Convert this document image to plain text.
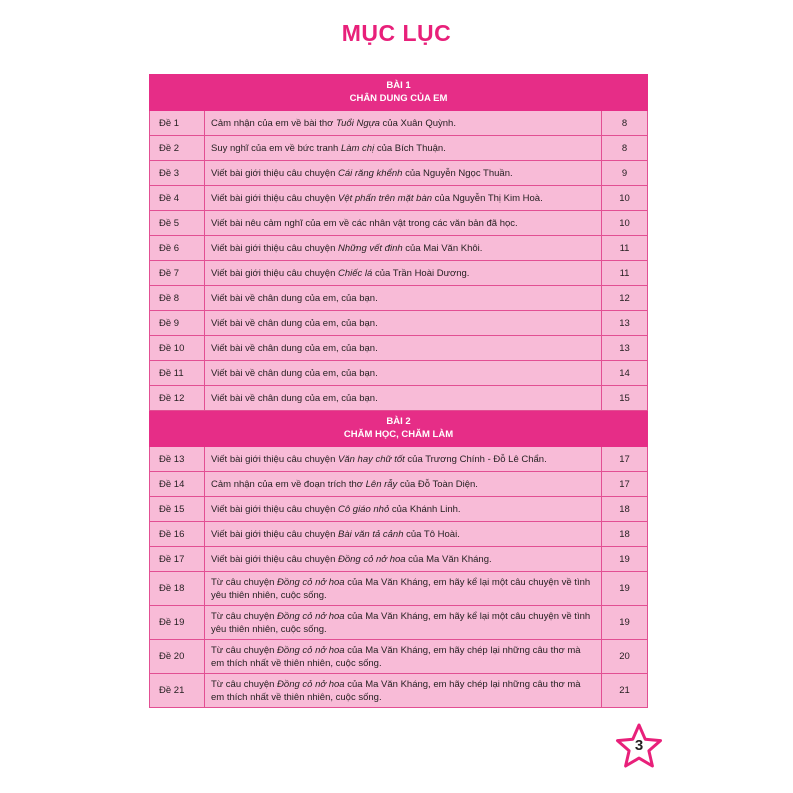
MỤC LỤC
BÀI 1
CHÂN DUNG CỦA EM		
Đề 1	Cảm nhận của em về bài thơ Tuổi Ngựa của Xuân Quỳnh.	8
Đề 2	Suy nghĩ của em về bức tranh Làm chị của Bích Thuận.	8
Đề 3	Viết bài giới thiệu câu chuyện Cái răng khểnh của Nguyễn Ngọc Thuần.	9
Đề 4	Viết bài giới thiệu câu chuyện Vệt phấn trên mặt bàn của Nguyễn Thị Kim Hoà.	10
Đề 5	Viết bài nêu cảm nghĩ của em về các nhân vật trong các văn bản đã học.	10
Đề 6	Viết bài giới thiệu câu chuyện Những vết đinh của Mai Văn Khôi.	11
Đề 7	Viết bài giới thiệu câu chuyện Chiếc lá của Trần Hoài Dương.	11
Đề 8	Viết bài về chân dung của em, của bạn.	12
Đề 9	Viết bài về chân dung của em, của bạn.	13
Đề 10	Viết bài về chân dung của em, của bạn.	13
Đề 11	Viết bài về chân dung của em, của bạn.	14
Đề 12	Viết bài về chân dung của em, của bạn.	15
BÀI 2
CHĂM HỌC, CHĂM LÀM		
Đề 13	Viết bài giới thiệu câu chuyện Văn hay chữ tốt của Trương Chính - Đỗ Lê Chẩn.	17
Đề 14	Cảm nhận của em về đoạn trích thơ Lên rẫy của Đỗ Toàn Diện.	17
Đề 15	Viết bài giới thiệu câu chuyện Cô giáo nhỏ của Khánh Linh.	18
Đề 16	Viết bài giới thiệu câu chuyện Bài văn tả cảnh của Tô Hoài.	18
Đề 17	Viết bài giới thiệu câu chuyện Đồng cỏ nở hoa của Ma Văn Kháng.	19
Đề 18	Từ câu chuyện Đồng cỏ nở hoa của Ma Văn Kháng, em hãy kể lại một câu chuyện về tình yêu thiên nhiên, cuộc sống.	19
Đề 19	Từ câu chuyện Đồng cỏ nở hoa của Ma Văn Kháng, em hãy kể lại một câu chuyện về tình yêu thiên nhiên, cuộc sống.	19
Đề 20	Từ câu chuyện Đồng cỏ nở hoa của Ma Văn Kháng, em hãy chép lại những câu thơ mà em thích nhất về thiên nhiên, cuộc sống.	20
Đề 21	Từ câu chuyện Đồng cỏ nở hoa của Ma Văn Kháng, em hãy chép lại những câu thơ mà em thích nhất về thiên nhiên, cuộc sống.	21
3
